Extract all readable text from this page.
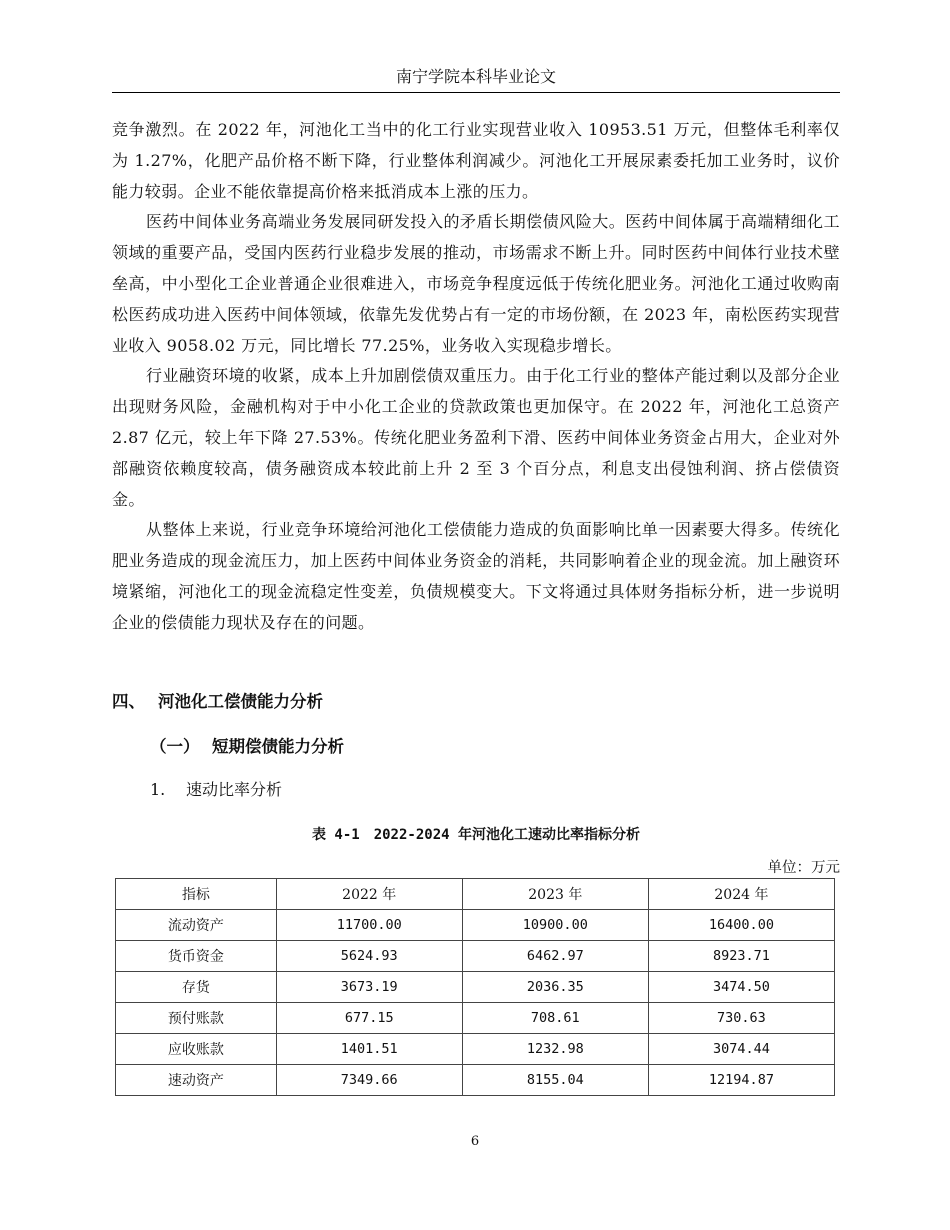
南宁学院本科毕业论文

竞争激烈。在 2022 年，河池化工当中的化工行业实现营业收入 10953.51 万元，但整体毛利率仅为 1.27%，化肥产品价格不断下降，行业整体利润减少。河池化工开展尿素委托加工业务时，议价能力较弱。企业不能依靠提高价格来抵消成本上涨的压力。

医药中间体业务高端业务发展同研发投入的矛盾长期偿债风险大。医药中间体属于高端精细化工领域的重要产品，受国内医药行业稳步发展的推动，市场需求不断上升。同时医药中间体行业技术壁垒高，中小型化工企业普通企业很难进入，市场竞争程度远低于传统化肥业务。河池化工通过收购南松医药成功进入医药中间体领域，依靠先发优势占有一定的市场份额，在 2023 年，南松医药实现营业收入 9058.02 万元，同比增长 77.25%，业务收入实现稳步增长。

行业融资环境的收紧，成本上升加剧偿债双重压力。由于化工行业的整体产能过剩以及部分企业出现财务风险，金融机构对于中小化工企业的贷款政策也更加保守。在 2022 年，河池化工总资产 2.87 亿元，较上年下降 27.53%。传统化肥业务盈利下滑、医药中间体业务资金占用大，企业对外部融资依赖度较高，债务融资成本较此前上升 2 至 3 个百分点，利息支出侵蚀利润、挤占偿债资金。

从整体上来说，行业竞争环境给河池化工偿债能力造成的负面影响比单一因素要大得多。传统化肥业务造成的现金流压力，加上医药中间体业务资金的消耗，共同影响着企业的现金流。加上融资环境紧缩，河池化工的现金流稳定性变差，负债规模变大。下文将通过具体财务指标分析，进一步说明企业的偿债能力现状及存在的问题。

四、 河池化工偿债能力分析
（一） 短期偿债能力分析
1. 速动比率分析
表 4-1　2022-2024 年河池化工速动比率指标分析
单位：万元
指标	2022 年	2023 年	2024 年
流动资产	11700.00	10900.00	16400.00
货币资金	5624.93	6462.97	8923.71
存货	3673.19	2036.35	3474.50
预付账款	677.15	708.61	730.63
应收账款	1401.51	1232.98	3074.44
速动资产	7349.66	8155.04	12194.87
6
